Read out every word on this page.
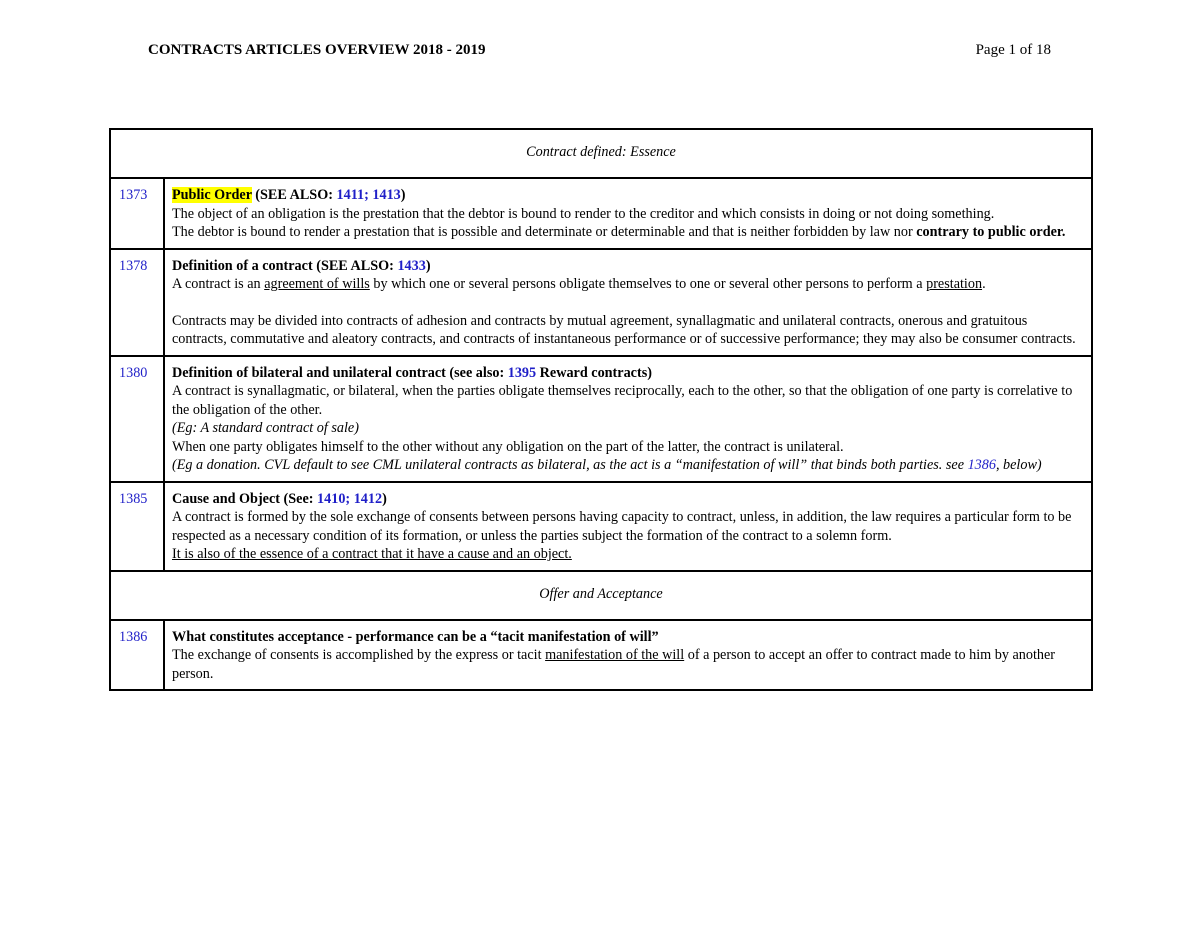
CONTRACTS ARTICLES OVERVIEW 2018 - 2019	Page 1 of 18
Contract defined: Essence	
1373	Public Order (SEE ALSO: 1411; 1413)
The object of an obligation is the prestation that the debtor is bound to render to the creditor and which consists in doing or not doing something.
The debtor is bound to render a prestation that is possible and determinate or determinable and that is neither forbidden by law nor contrary to public order.
1378	Definition of a contract (SEE ALSO: 1433)
A contract is an agreement of wills by which one or several persons obligate themselves to one or several other persons to perform a prestation.
Contracts may be divided into contracts of adhesion and contracts by mutual agreement, synallagmatic and unilateral contracts, onerous and gratuitous contracts, commutative and aleatory contracts, and contracts of instantaneous performance or of successive performance; they may also be consumer contracts.
1380	Definition of bilateral and unilateral contract (see also: 1395 Reward contracts)
A contract is synallagmatic, or bilateral, when the parties obligate themselves reciprocally, each to the other, so that the obligation of one party is correlative to the obligation of the other.
(Eg: A standard contract of sale)
When one party obligates himself to the other without any obligation on the part of the latter, the contract is unilateral.
(Eg a donation. CVL default to see CML unilateral contracts as bilateral, as the act is a “manifestation of will” that binds both parties. see 1386, below)
1385	Cause and Object (See: 1410; 1412)
A contract is formed by the sole exchange of consents between persons having capacity to contract, unless, in addition, the law requires a particular form to be respected as a necessary condition of its formation, or unless the parties subject the formation of the contract to a solemn form.
It is also of the essence of a contract that it have a cause and an object.
Offer and Acceptance	
1386	What constitutes acceptance - performance can be a “tacit manifestation of will”
The exchange of consents is accomplished by the express or tacit manifestation of the will of a person to accept an offer to contract made to him by another person.
